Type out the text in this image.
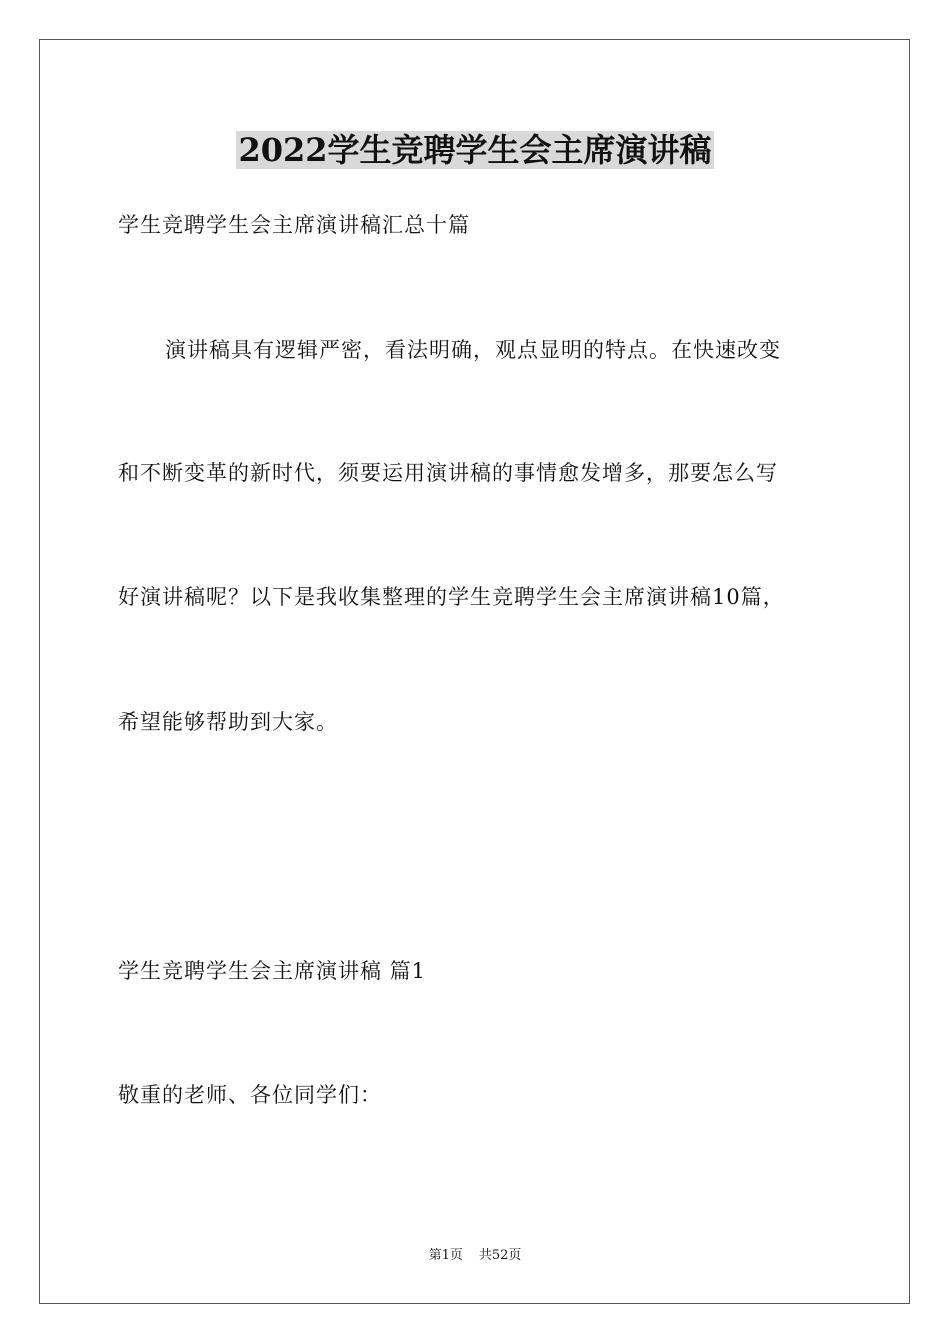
2022学生竞聘学生会主席演讲稿
学生竞聘学生会主席演讲稿汇总十篇
演讲稿具有逻辑严密，看法明确，观点显明的特点。在快速改变
和不断变革的新时代，须要运用演讲稿的事情愈发增多，那要怎么写
好演讲稿呢？以下是我收集整理的学生竞聘学生会主席演讲稿10篇，
希望能够帮助到大家。
学生竞聘学生会主席演讲稿 篇1
敬重的老师、各位同学们：
第1页 共52页
